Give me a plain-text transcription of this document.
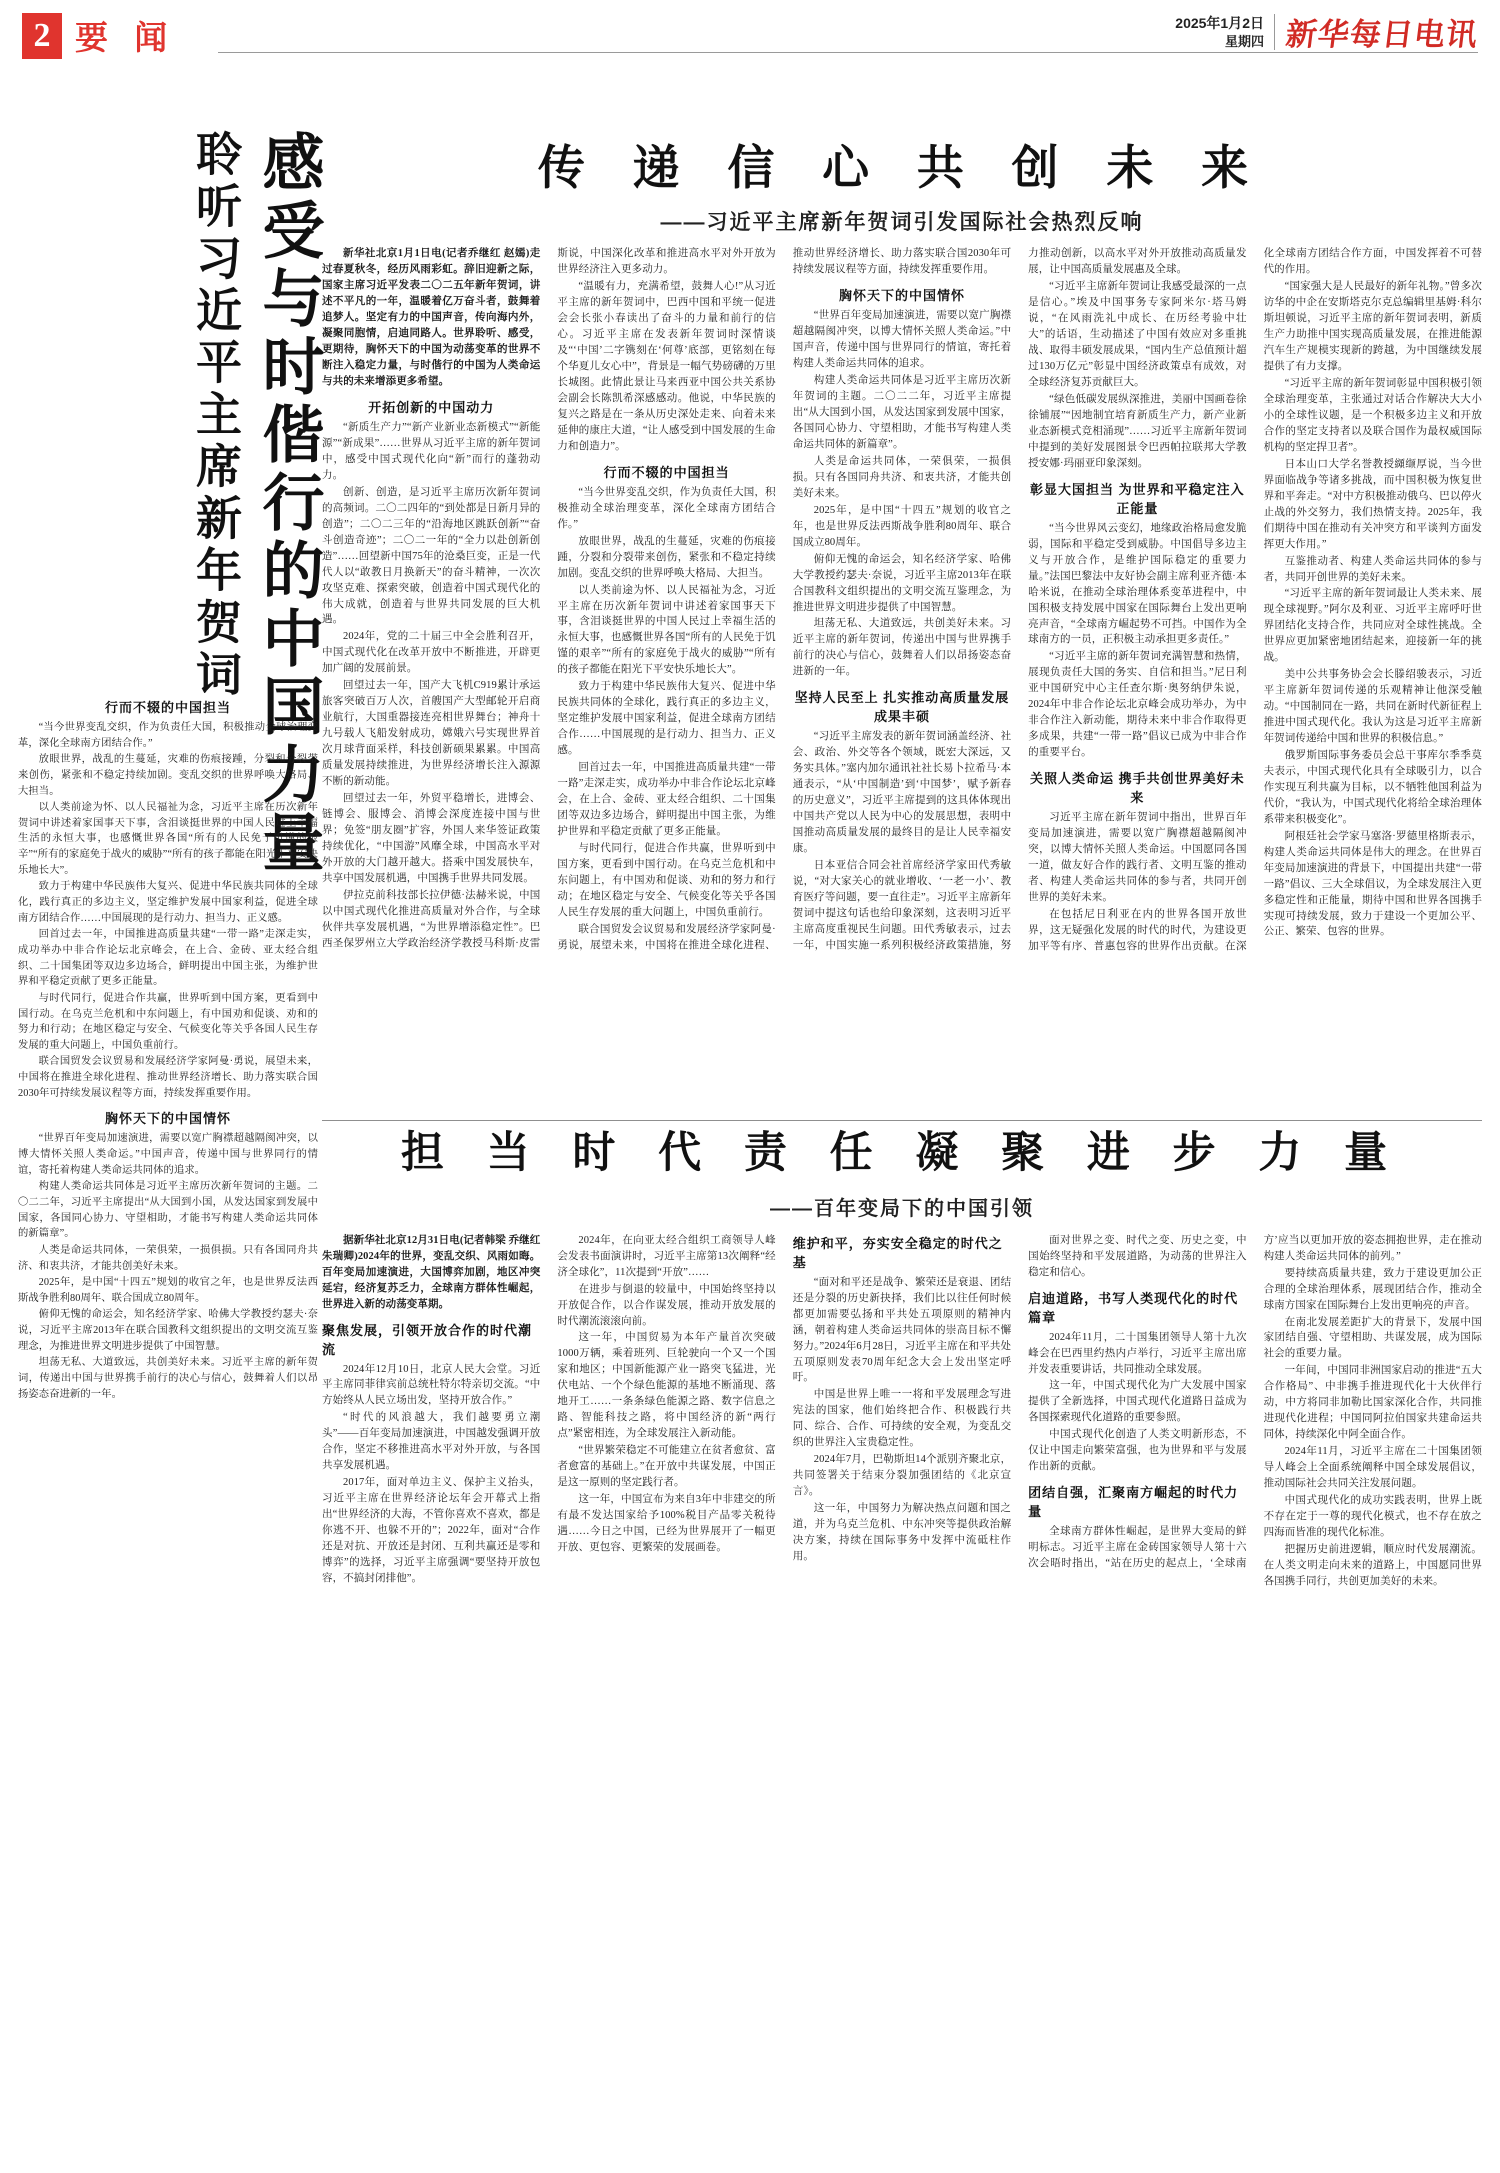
2 要 闻	2025年1月2日
星期四 新华每日电讯
感受与时偕行的中国力量
聆听习近平主席新年贺词
行而不辍的中国担当

“当今世界变乱交织，作为负责任大国，积极推动全球治理变革，深化全球南方团结合作。”

放眼世界，战乱的生蔓延，灾难的伤痕接踵，分裂和分裂带来创伤，紧张和不稳定持续加剧。变乱交织的世界呼唤大格局、大担当。

以人类前途为怀、以人民福祉为念，习近平主席在历次新年贺词中讲述着家国事天下事，含泪谈挺世界的中国人民过上幸福生活的永恒大事，也感慨世界各国“所有的人民免于饥馑的艰辛”“所有的家庭免于战火的威胁”“所有的孩子都能在阳光下平安快乐地长大”。

致力于构建中华民族伟大复兴、促进中华民族共同体的全球化，践行真正的多边主义，坚定维护发展中国家利益，促进全球南方团结合作……中国展现的是行动力、担当力、正义感。

回首过去一年，中国推进高质量共建“一带一路”走深走实，成功举办中非合作论坛北京峰会，在上合、金砖、亚太经合组织、二十国集团等双边多边场合，鲜明提出中国主张，为维护世界和平稳定贡献了更多正能量。

与时代同行，促进合作共赢，世界听到中国方案，更看到中国行动。在乌克兰危机和中东问题上，有中国劝和促谈、劝和的努力和行动；在地区稳定与安全、气候变化等关乎各国人民生存发展的重大问题上，中国负重前行。

联合国贸发会议贸易和发展经济学家阿曼·勇说，展望未来，中国将在推进全球化进程、推动世界经济增长、助力落实联合国2030年可持续发展议程等方面，持续发挥重要作用。

胸怀天下的中国情怀

“世界百年变局加速演进，需要以宽广胸襟超越隔阂冲突，以博大情怀关照人类命运。”中国声音，传递中国与世界同行的情谊，寄托着构建人类命运共同体的追求。

构建人类命运共同体是习近平主席历次新年贺词的主题。二〇二二年，习近平主席提出“从大国到小国，从发达国家到发展中国家，各国同心协力、守望相助，才能书写构建人类命运共同体的新篇章”。

人类是命运共同体，一荣俱荣，一损俱损。只有各国同舟共济、和衷共济，才能共创美好未来。

2025年，是中国“十四五”规划的收官之年，也是世界反法西斯战争胜利80周年、联合国成立80周年。

俯仰无愧的命运会，知名经济学家、哈佛大学教授约瑟夫·奈说，习近平主席2013年在联合国教科文组织提出的文明交流互鉴理念，为推进世界文明进步提供了中国智慧。

坦荡无私、大道致远，共创美好未来。习近平主席的新年贺词，传递出中国与世界携手前行的决心与信心，鼓舞着人们以昂扬姿态奋进新的一年。

传 递 信 心 共 创 未 来
——习近平主席新年贺词引发国际社会热烈反响

新华社北京1月1日电(记者乔继红 赵嫣)走过春夏秋冬，经历风雨彩虹。辞旧迎新之际，国家主席习近平发表二〇二五年新年贺词，讲述不平凡的一年，温暖着亿万奋斗者，鼓舞着追梦人。坚定有力的中国声音，传向海内外，凝聚同胞情，启迪同路人。世界聆听、感受，更期待，胸怀天下的中国为动荡变革的世界不断注入稳定力量，与时偕行的中国为人类命运与共的未来增添更多希望。

开拓创新的中国动力

“新质生产力”“新产业新业态新模式”“新能源”“新成果”……世界从习近平主席的新年贺词中，感受中国式现代化向“新”而行的蓬勃动力。

创新、创造，是习近平主席历次新年贺词的高频词。二〇二四年的“到处都是日新月异的创造”；二〇二三年的“沿海地区跳跃创新”“奋斗创造奇迹”；二〇二一年的“全力以赴创新创造”……回望新中国75年的沧桑巨变，正是一代代人以“敢教日月换新天”的奋斗精神，一次次攻坚克难、探索突破，创造着中国式现代化的伟大成就，创造着与世界共同发展的巨大机遇。

2024年，党的二十届三中全会胜利召开，中国式现代化在改革开放中不断推进，开辟更加广阔的发展前景。

回望过去一年，国产大飞机C919累计承运旅客突破百万人次，首艘国产大型邮轮开启商业航行，大国重器接连亮相世界舞台；神舟十九号载人飞船发射成功，嫦娥六号实现世界首次月球背面采样，科技创新硕果累累。中国高质量发展持续推进，为世界经济增长注入源源不断的新动能。

回望过去一年，外贸平稳增长，进博会、链博会、服博会、消博会深度连接中国与世界；免签“朋友圈”扩容，外国人来华签证政策持续优化，“中国游”风靡全球，中国高水平对外开放的大门越开越大。搭乘中国发展快车，共享中国发展机遇，中国携手世界共同发展。

伊拉克前科技部长拉伊德·法赫米说，中国以中国式现代化推进高质量对外合作，与全球伙伴共享发展机遇，“为世界增添稳定性”。巴西圣保罗州立大学政治经济学教授马科斯·皮雷斯说，中国深化改革和推进高水平对外开放为世界经济注入更多动力。

“温暖有力，充满希望，鼓舞人心!”从习近平主席的新年贺词中，巴西中国和平统一促进会会长张小春读出了奋斗的力量和前行的信心。习近平主席在发表新年贺词时深情谈及“‘中国’二字镌刻在‘何尊’底部，更铭刻在每个华夏儿女心中”，背景是一幅气势磅礴的万里长城图。此情此景让马来西亚中国公共关系协会副会长陈凯希深感感动。他说，中华民族的复兴之路是在一条从历史深处走来、向着未来延伸的康庄大道，“让人感受到中国发展的生命力和创造力”。

行而不辍的中国担当

“当今世界变乱交织，作为负责任大国，积极推动全球治理变革，深化全球南方团结合作。”

放眼世界，战乱的生蔓延，灾难的伤痕接踵，分裂和分裂带来创伤，紧张和不稳定持续加剧。变乱交织的世界呼唤大格局、大担当。

以人类前途为怀、以人民福祉为念，习近平主席在历次新年贺词中讲述着家国事天下事，含泪谈挺世界的中国人民过上幸福生活的永恒大事，也感慨世界各国“所有的人民免于饥馑的艰辛”“所有的家庭免于战火的威胁”“所有的孩子都能在阳光下平安快乐地长大”。

致力于构建中华民族伟大复兴、促进中华民族共同体的全球化，践行真正的多边主义，坚定维护发展中国家利益，促进全球南方团结合作……中国展现的是行动力、担当力、正义感。

回首过去一年，中国推进高质量共建“一带一路”走深走实，成功举办中非合作论坛北京峰会，在上合、金砖、亚太经合组织、二十国集团等双边多边场合，鲜明提出中国主张，为维护世界和平稳定贡献了更多正能量。

与时代同行，促进合作共赢，世界听到中国方案，更看到中国行动。在乌克兰危机和中东问题上，有中国劝和促谈、劝和的努力和行动；在地区稳定与安全、气候变化等关乎各国人民生存发展的重大问题上，中国负重前行。

联合国贸发会议贸易和发展经济学家阿曼·勇说，展望未来，中国将在推进全球化进程、推动世界经济增长、助力落实联合国2030年可持续发展议程等方面，持续发挥重要作用。

胸怀天下的中国情怀

“世界百年变局加速演进，需要以宽广胸襟超越隔阂冲突，以博大情怀关照人类命运。”中国声音，传递中国与世界同行的情谊，寄托着构建人类命运共同体的追求。

构建人类命运共同体是习近平主席历次新年贺词的主题。二〇二二年，习近平主席提出“从大国到小国，从发达国家到发展中国家，各国同心协力、守望相助，才能书写构建人类命运共同体的新篇章”。

人类是命运共同体，一荣俱荣，一损俱损。只有各国同舟共济、和衷共济，才能共创美好未来。

2025年，是中国“十四五”规划的收官之年，也是世界反法西斯战争胜利80周年、联合国成立80周年。

俯仰无愧的命运会，知名经济学家、哈佛大学教授约瑟夫·奈说，习近平主席2013年在联合国教科文组织提出的文明交流互鉴理念，为推进世界文明进步提供了中国智慧。

坦荡无私、大道致远，共创美好未来。习近平主席的新年贺词，传递出中国与世界携手前行的决心与信心，鼓舞着人们以昂扬姿态奋进新的一年。

坚持人民至上 扎实推动高质量发展成果丰硕

“习近平主席发表的新年贺词涵盖经济、社会、政治、外交等各个领域，既宏大深远，又务实具体。”塞内加尔通讯社社长易卜拉希马·本通表示，“从‘中国制造’到‘中国梦’，赋予新春的历史意义”，习近平主席提到的这具体体现出中国共产党以人民为中心的发展思想，表明中国推动高质量发展的最终目的是让人民幸福安康。

日本亚信合同会社首席经济学家田代秀敏说，“对大家关心的就业增收、‘一老一小’、教育医疗等问题，要一直往走”。习近平主席新年贺词中提这句话也给印象深刻，这表明习近平主席高度重视民生问题。田代秀敏表示，过去一年，中国实施一系列积极经济政策措施，努力推动创新，以高水平对外开放推动高质量发展，让中国高质量发展惠及全球。

“习近平主席新年贺词让我感受最深的一点是信心。”埃及中国事务专家阿米尔·塔马姆说，“在风雨洗礼中成长、在历经考验中壮大”的话语，生动描述了中国有效应对多重挑战、取得丰硕发展成果，“国内生产总值预计超过130万亿元”彰显中国经济政策卓有成效，对全球经济复苏贡献巨大。

“绿色低碳发展纵深推进，美丽中国画卷徐徐铺展”“因地制宜培育新质生产力，新产业新业态新模式竞相涌现”……习近平主席新年贺词中提到的美好发展图景令巴西帕拉联邦大学教授安娜·玛丽亚印象深刻。

彰显大国担当 为世界和平稳定注入正能量

“当今世界风云变幻，地缘政治格局愈发脆弱，国际和平稳定受到威胁。中国倡导多边主义与开放合作，是维护国际稳定的重要力量。”法国巴黎法中友好协会副主席利亚齐德·本哈米说，在推动全球治理体系变革进程中，中国积极支持发展中国家在国际舞台上发出更响亮声音，“全球南方崛起势不可挡。中国作为全球南方的一员，正积极主动承担更多责任。”

“习近平主席的新年贺词充满智慧和热情，展现负责任大国的务实、自信和担当。”尼日利亚中国研究中心主任查尔斯·奥努纳伊朱说，2024年中非合作论坛北京峰会成功举办，为中非合作注入新动能，期待未来中非合作取得更多成果，共建“一带一路”倡议已成为中非合作的重要平台。

关照人类命运 携手共创世界美好未来

习近平主席在新年贺词中指出，世界百年变局加速演进，需要以宽广胸襟超越隔阂冲突，以博大情怀关照人类命运。中国愿同各国一道，做友好合作的践行者、文明互鉴的推动者、构建人类命运共同体的参与者，共同开创世界的美好未来。

在包括尼日利亚在内的世界各国开放世界，这无疑强化发展的时代的时代，为建设更加平等有序、普惠包容的世界作出贡献。在深化全球南方团结合作方面，中国发挥着不可替代的作用。

“国家强大是人民最好的新年礼物。”曾多次访华的中企在安斯塔克尔克总编辑里基姆·科尔斯坦顿说，习近平主席的新年贺词表明，新质生产力助推中国实现高质量发展，在推进能源汽车生产规模实现新的跨越，为中国继续发展提供了有力支撑。

“习近平主席的新年贺词彰显中国积极引领全球治理变革，主张通过对话合作解决大大小小的全球性议题，是一个积极多边主义和开放合作的坚定支持者以及联合国作为最权威国际机构的坚定捍卫者”。

日本山口大学名誉教授纐缬厚说，当今世界面临战争等诸多挑战，而中国积极为恢复世界和平奔走。“对中方积极推动俄乌、巴以停火止战的外交努力，我们热情支持。2025年，我们期待中国在推动有关冲突方和平谈判方面发挥更大作用。”

互鉴推动者、构建人类命运共同体的参与者，共同开创世界的美好未来。

“习近平主席的新年贺词最让人类未来、展现全球视野。”阿尔及利亚、习近平主席呼吁世界团结化支持合作，共同应对全球性挑战。全世界应更加紧密地团结起来，迎接新一年的挑战。

美中公共事务协会会长滕绍骏表示，习近平主席新年贺词传递的乐观精神让他深受触动。“中国制同在一路，共同在新时代新征程上推进中国式现代化。我认为这是习近平主席新年贺词传递给中国和世界的积极信息。”

俄罗斯国际事务委员会总干事库尔季季莫夫表示，中国式现代化具有全球吸引力，以合作实现互利共赢为目标，以不牺牲他国利益为代价，“我认为，中国式现代化将给全球治理体系带来积极变化”。

阿根廷社会学家马塞洛·罗德里格斯表示，构建人类命运共同体是伟大的理念。在世界百年变局加速演进的背景下，中国提出共建“一带一路”倡议、三大全球倡议，为全球发展注入更多稳定性和正能量，期待中国和世界各国携手实现可持续发展，致力于建设一个更加公平、公正、繁荣、包容的世界。

担 当 时 代 责 任 凝 聚 进 步 力 量
——百年变局下的中国引领

据新华社北京12月31日电(记者韩梁 乔继红 朱瑞卿)2024年的世界，变乱交织、风雨如晦。百年变局加速演进，大国博弈加剧，地区冲突延宕，经济复苏乏力，全球南方群体性崛起，世界进入新的动荡变革期。

聚焦发展，引领开放合作的时代潮流

2024年12月10日，北京人民大会堂。习近平主席同菲律宾前总统杜特尔特亲切交流。“中方始终从人民立场出发，坚持开放合作。”

“时代的风浪越大，我们越要勇立潮头”——百年变局加速演进，中国越发强调开放合作，坚定不移推进高水平对外开放，与各国共享发展机遇。

2017年，面对单边主义、保护主义抬头，习近平主席在世界经济论坛年会开幕式上指出“世界经济的大海，不管你喜欢不喜欢，都是你逃不开、也躲不开的”；2022年，面对“合作还是对抗、开放还是封闭、互利共赢还是零和博弈”的选择，习近平主席强调“要坚持开放包容，不搞封闭排他”。

2024年，在向亚太经合组织工商领导人峰会发表书面演讲时，习近平主席第13次阐释“经济全球化”，11次提到“开放”……

在进步与倒退的较量中，中国始终坚持以开放促合作，以合作谋发展，推动开放发展的时代潮流滚滚向前。

这一年，中国贸易为本年产量首次突破1000万辆，乘着班列、巨轮驶向一个又一个国家和地区；中国新能源产业一路突飞猛进，光伏电站、一个个绿色能源的基地不断涌现、落地开工……一条条绿色能源之路、数字信息之路、智能科技之路，将中国经济的新“两行点”紧密相连，为全球发展注入新动能。

“世界繁荣稳定不可能建立在贫者愈贫、富者愈富的基础上。”在开放中共谋发展，中国正是这一原则的坚定践行者。

这一年，中国宣布为来自3年中非建交的所有最不发达国家给予100%税目产品零关税待遇……今日之中国，已经为世界展开了一幅更开放、更包容、更繁荣的发展画卷。

维护和平，夯实安全稳定的时代之基

“面对和平还是战争、繁荣还是衰退、团结还是分裂的历史新抉择，我们比以往任何时候都更加需要弘扬和平共处五项原则的精神内涵，朝着构建人类命运共同体的崇高目标不懈努力。”2024年6月28日，习近平主席在和平共处五项原则发表70周年纪念大会上发出坚定呼吁。

中国是世界上唯一一将和平发展理念写进宪法的国家，他们始终把合作、积极践行共同、综合、合作、可持续的安全观，为变乱交织的世界注入宝贵稳定性。

2024年7月，巴勒斯坦14个派别齐聚北京，共同签署关于结束分裂加强团结的《北京宣言》。

这一年，中国努力为解决热点问题和国之道，并为乌克兰危机、中东冲突等提供政治解决方案，持续在国际事务中发挥中流砥柱作用。

面对世界之变、时代之变、历史之变，中国始终坚持和平发展道路，为动荡的世界注入稳定和信心。

启迪道路，书写人类现代化的时代篇章

2024年11月，二十国集团领导人第十九次峰会在巴西里约热内卢举行，习近平主席出席并发表重要讲话，共同推动全球发展。

这一年，中国式现代化为广大发展中国家提供了全新选择，中国式现代化道路日益成为各国探索现代化道路的重要参照。

中国式现代化创造了人类文明新形态，不仅让中国走向繁荣富强，也为世界和平与发展作出新的贡献。

团结自强，汇聚南方崛起的时代力量

全球南方群体性崛起，是世界大变局的鲜明标志。习近平主席在金砖国家领导人第十六次会晤时指出，“站在历史的起点上，‘全球南方’应当以更加开放的姿态拥抱世界，走在推动构建人类命运共同体的前列。”

要持续高质量共建，致力于建设更加公正合理的全球治理体系，展现团结合作，推动全球南方国家在国际舞台上发出更响亮的声音。

在南北发展差距扩大的背景下，发展中国家团结自强、守望相助、共谋发展，成为国际社会的重要力量。

一年间，中国同非洲国家启动的推进“五大合作格局”、中非携手推进现代化十大伙伴行动，中方将同非加勒比国家深化合作，共同推进现代化进程；中国同阿拉伯国家共建命运共同体，持续深化中阿全面合作。

2024年11月，习近平主席在二十国集团领导人峰会上全面系统阐释中国全球发展倡议，推动国际社会共同关注发展问题。

中国式现代化的成功实践表明，世界上既不存在定于一尊的现代化模式，也不存在放之四海而皆准的现代化标准。

把握历史前进逻辑，顺应时代发展潮流。在人类文明走向未来的道路上，中国愿同世界各国携手同行，共创更加美好的未来。
